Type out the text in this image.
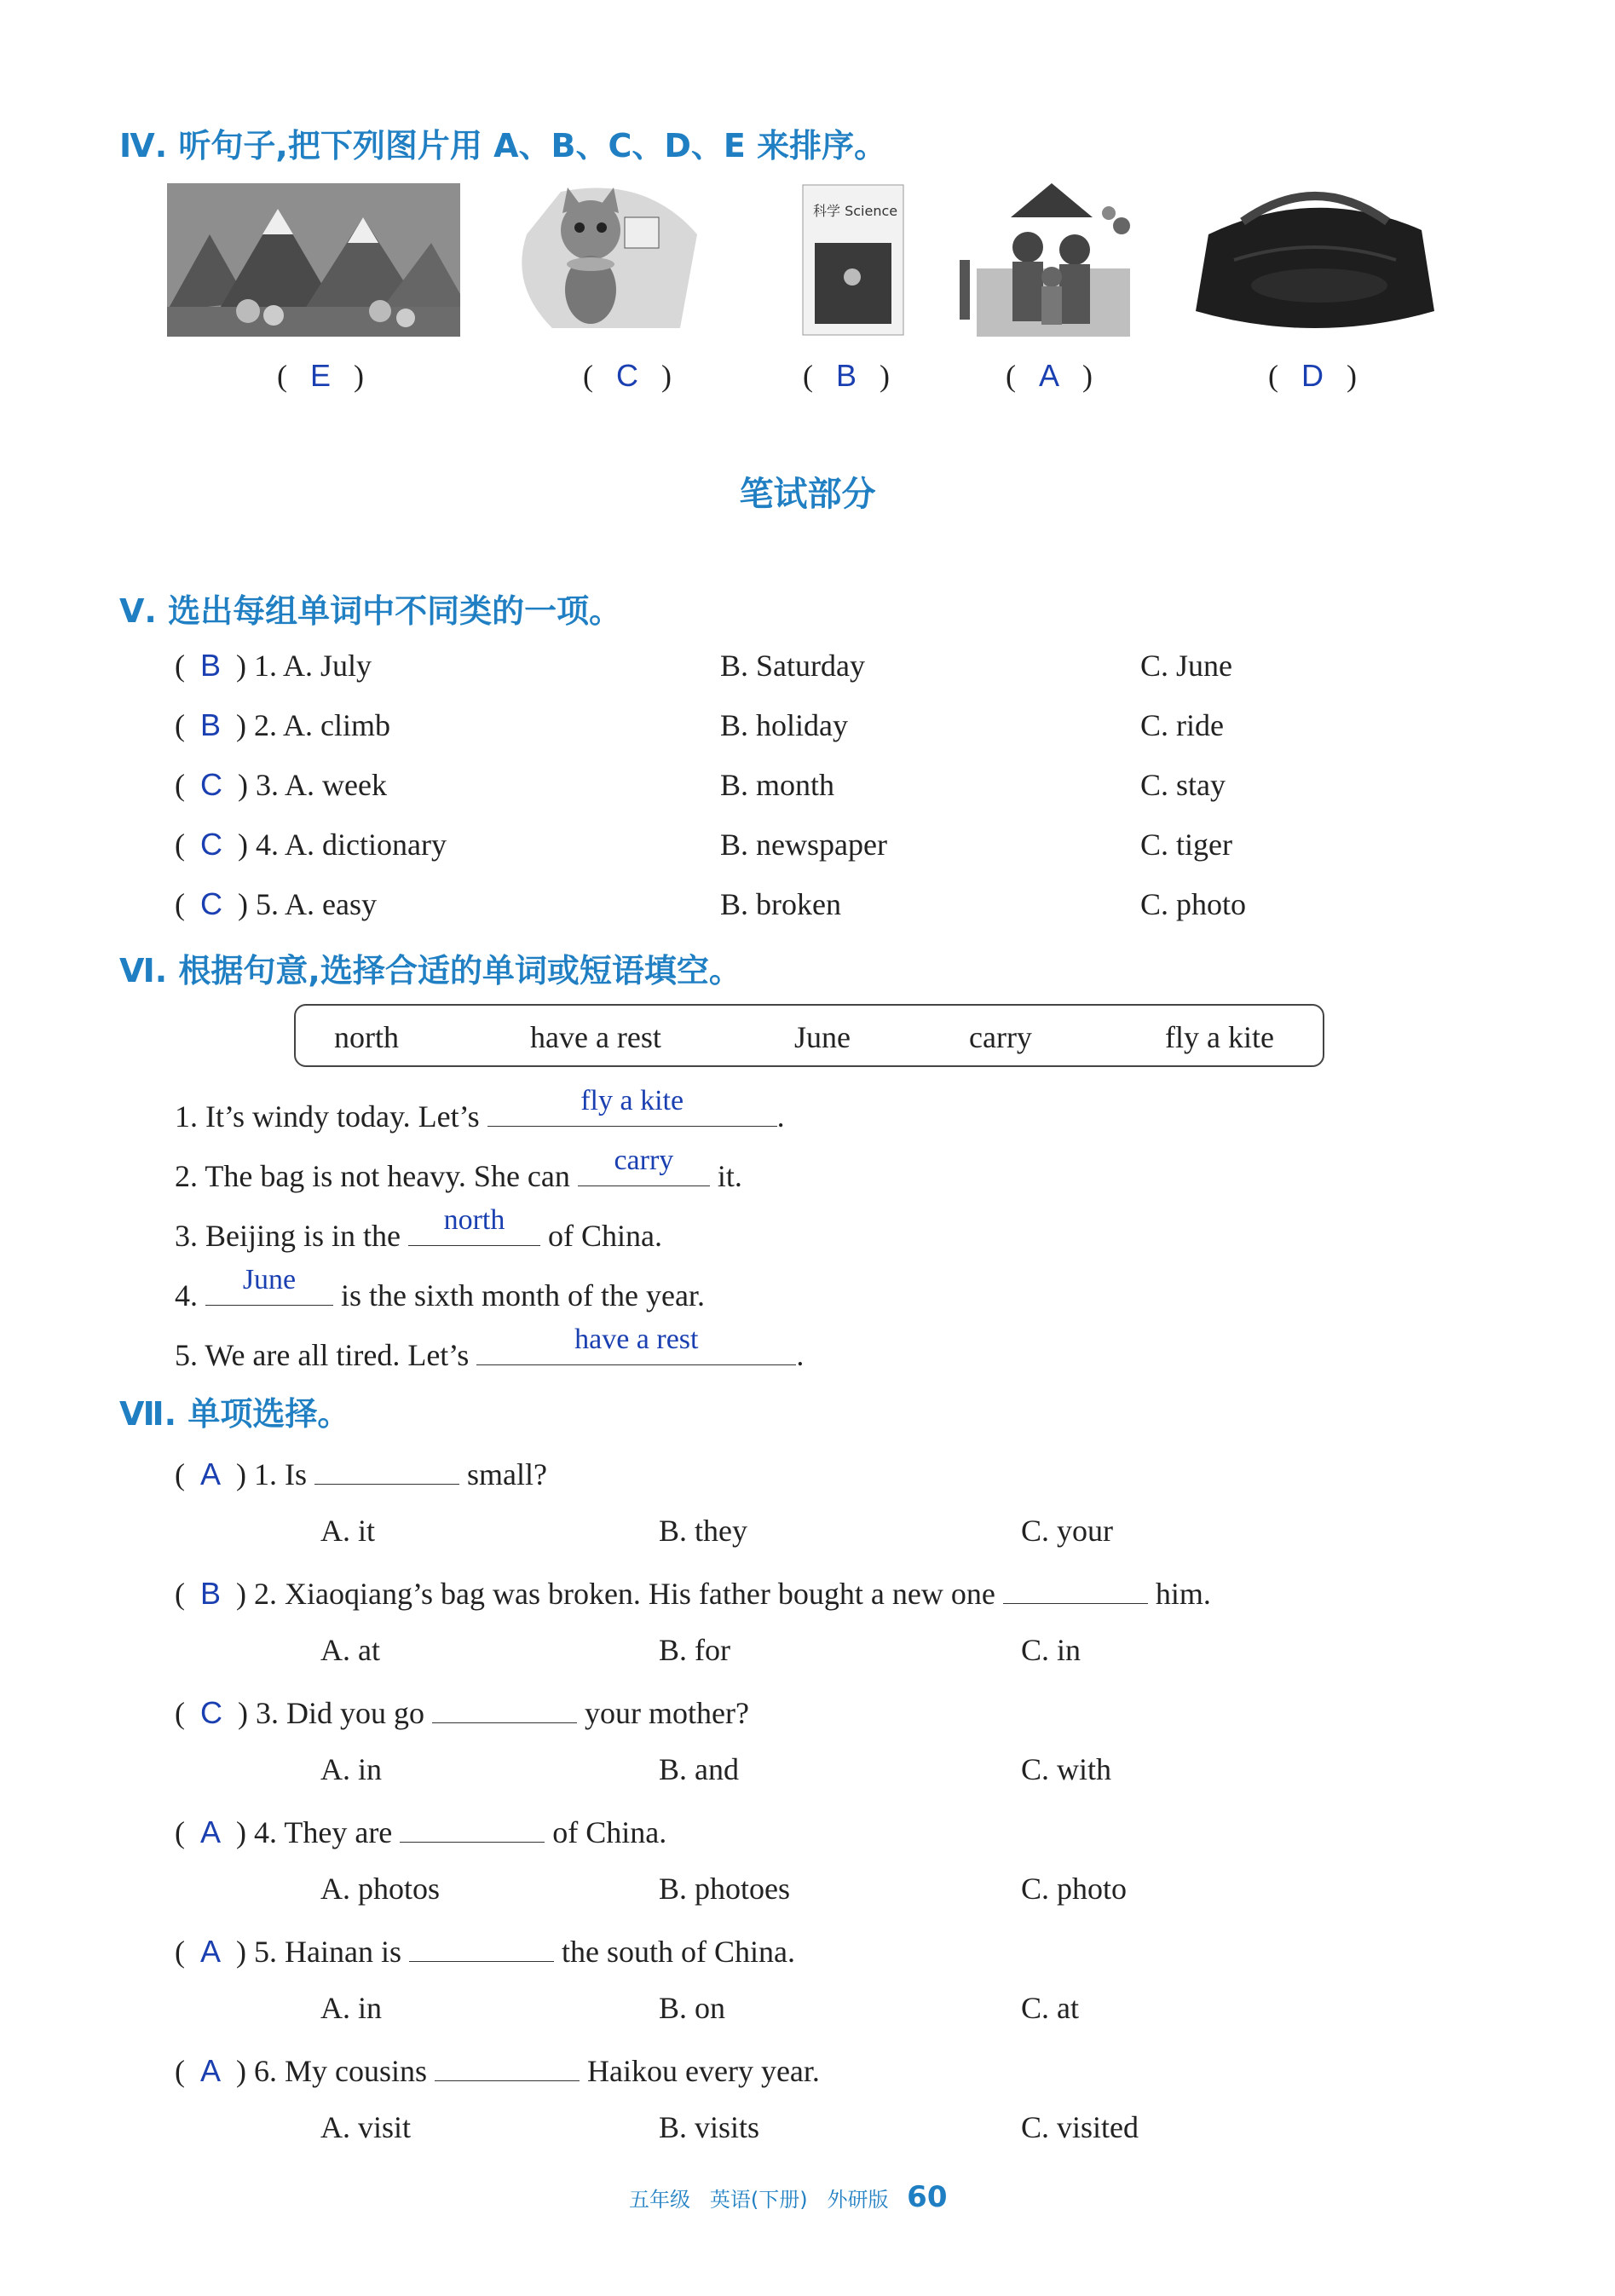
Ⅳ. 听句子,把下列图片用 A、B、C、D、E 来排序。
科学 Science
(   E   )	(   C   )	(   B   )	(   A   )	(   D   )
笔试部分
Ⅴ. 选出每组单词中不同类的一项。
(  B  ) 1. A. July	B. Saturday	C. June
(  B  ) 2. A. climb	B. holiday	C. ride
(  C  ) 3. A. week	B. month	C. stay
(  C  ) 4. A. dictionary	B. newspaper	C. tiger
(  C  ) 5. A. easy	B. broken	C. photo
Ⅵ. 根据句意,选择合适的单词或短语填空。
north	have a rest	June	carry	fly a kite
1. It’s windy today. Let’s	fly a kite	.
2. The bag is not heavy. She can	carry	it.
3. Beijing is in the	north	of China.
4.	June	is the sixth month of the year.
5. We are all tired. Let’s	have a rest	.
Ⅶ. 单项选择。
(  A  ) 1. Is	small?
A. it	B. they	C. your
(  B  ) 2. Xiaoqiang’s bag was broken. His father bought a new one	him.
A. at	B. for	C. in
(  C  ) 3. Did you go	your mother?
A. in	B. and	C. with
(  A  ) 4. They are	of China.
A. photos	B. photoes	C. photo
(  A  ) 5. Hainan is	the south of China.
A. in	B. on	C. at
(  A  ) 6. My cousins	Haikou every year.
A. visit	B. visits	C. visited
五年级 英语(下册) 外研版 60
